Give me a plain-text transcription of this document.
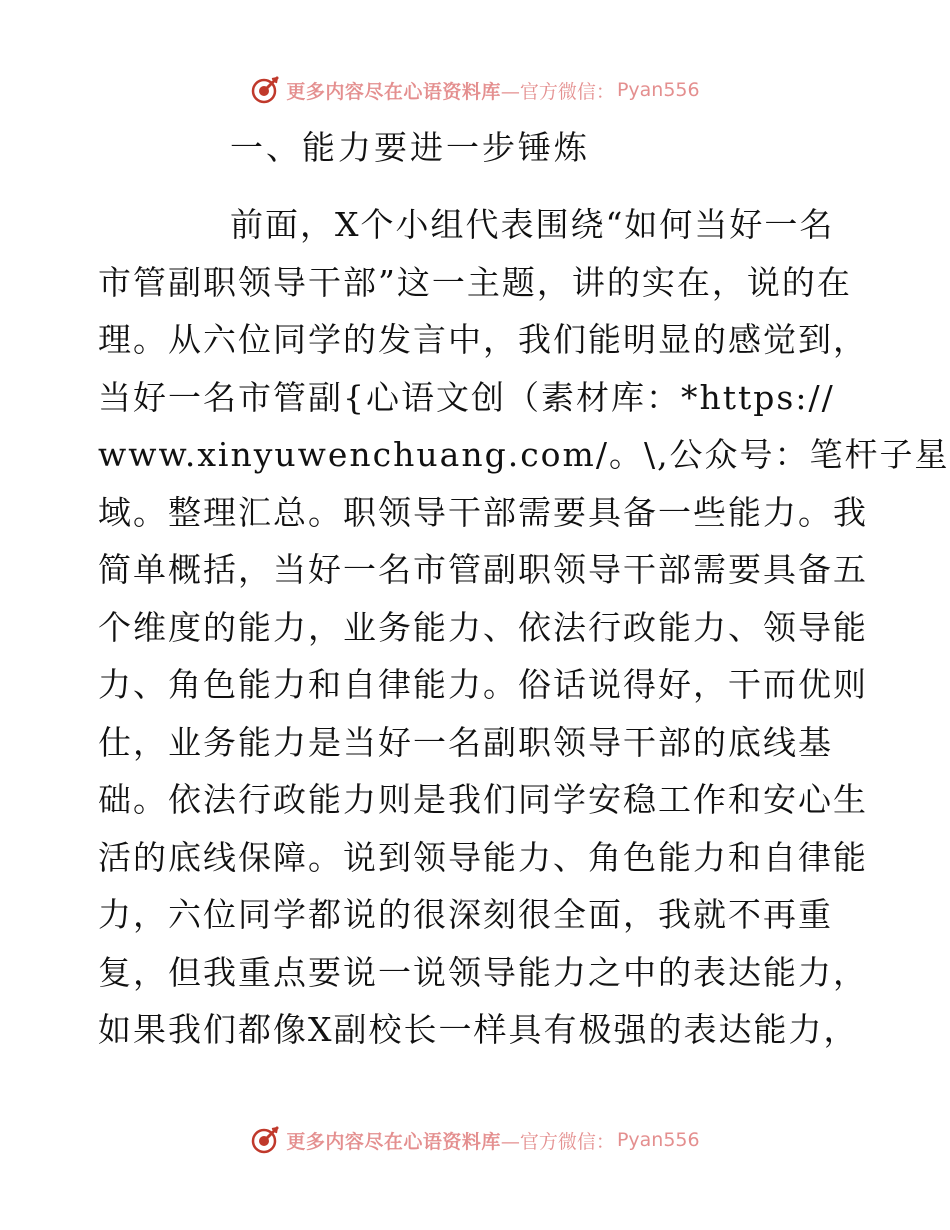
更多内容尽在心语资料库 —官方微信： Pyan556
一、能力要进一步锤炼
前面，X个小组代表围绕“如何当好一名
市管副职领导干部”这一主题，讲的实在，说的在
理。从六位同学的发言中，我们能明显的感觉到，
当好一名市管副{心语文创（素材库：*https://
www.xinyuwenchuang.com/。\,公众号：笔杆子星
域。整理汇总。职领导干部需要具备一些能力。我
简单概括，当好一名市管副职领导干部需要具备五
个维度的能力，业务能力、依法行政能力、领导能
力、角色能力和自律能力。俗话说得好，干而优则
仕，业务能力是当好一名副职领导干部的底线基
础。依法行政能力则是我们同学安稳工作和安心生
活的底线保障。说到领导能力、角色能力和自律能
力，六位同学都说的很深刻很全面，我就不再重
复，但我重点要说一说领导能力之中的表达能力，
如果我们都像X副校长一样具有极强的表达能力，
更多内容尽在心语资料库 —官方微信： Pyan556
